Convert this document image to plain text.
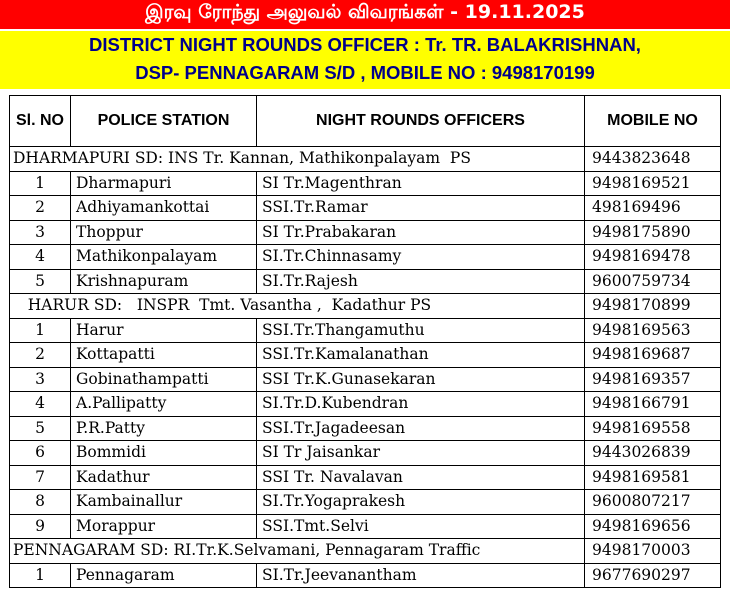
இரவு ரோந்து அலுவல் விவரங்கள் - 19.11.2025
DISTRICT NIGHT ROUNDS OFFICER : Tr. TR. BALAKRISHNAN,
DSP- PENNAGARAM S/D , MOBILE NO : 9498170199
Sl. NO	POLICE STATION	NIGHT ROUNDS OFFICERS	MOBILE NO
DHARMAPURI SD: INS Tr. Kannan, Mathikonpalayam  PS			9443823648
1	Dharmapuri	SI Tr.Magenthran	9498169521
2	Adhiyamankottai	SSI.Tr.Ramar	498169496
3	Thoppur	SI Tr.Prabakaran	9498175890
4	Mathikonpalayam	SI.Tr.Chinnasamy	9498169478
5	Krishnapuram	SI.Tr.Rajesh	9600759734
HARUR SD:   INSPR  Tmt. Vasantha ,  Kadathur PS			9498170899
1	Harur	SSI.Tr.Thangamuthu	9498169563
2	Kottapatti	SSI.Tr.Kamalanathan	9498169687
3	Gobinathampatti	SSI Tr.K.Gunasekaran	9498169357
4	A.Pallipatty	SI.Tr.D.Kubendran	9498166791
5	P.R.Patty	SSI.Tr.Jagadeesan	9498169558
6	Bommidi	SI Tr Jaisankar	9443026839
7	Kadathur	SSI Tr. Navalavan	9498169581
8	Kambainallur	SI.Tr.Yogaprakesh	9600807217
9	Morappur	SSI.Tmt.Selvi	9498169656
PENNAGARAM SD: RI.Tr.K.Selvamani, Pennagaram Traffic			9498170003
1	Pennagaram	SI.Tr.Jeevanantham	9677690297
